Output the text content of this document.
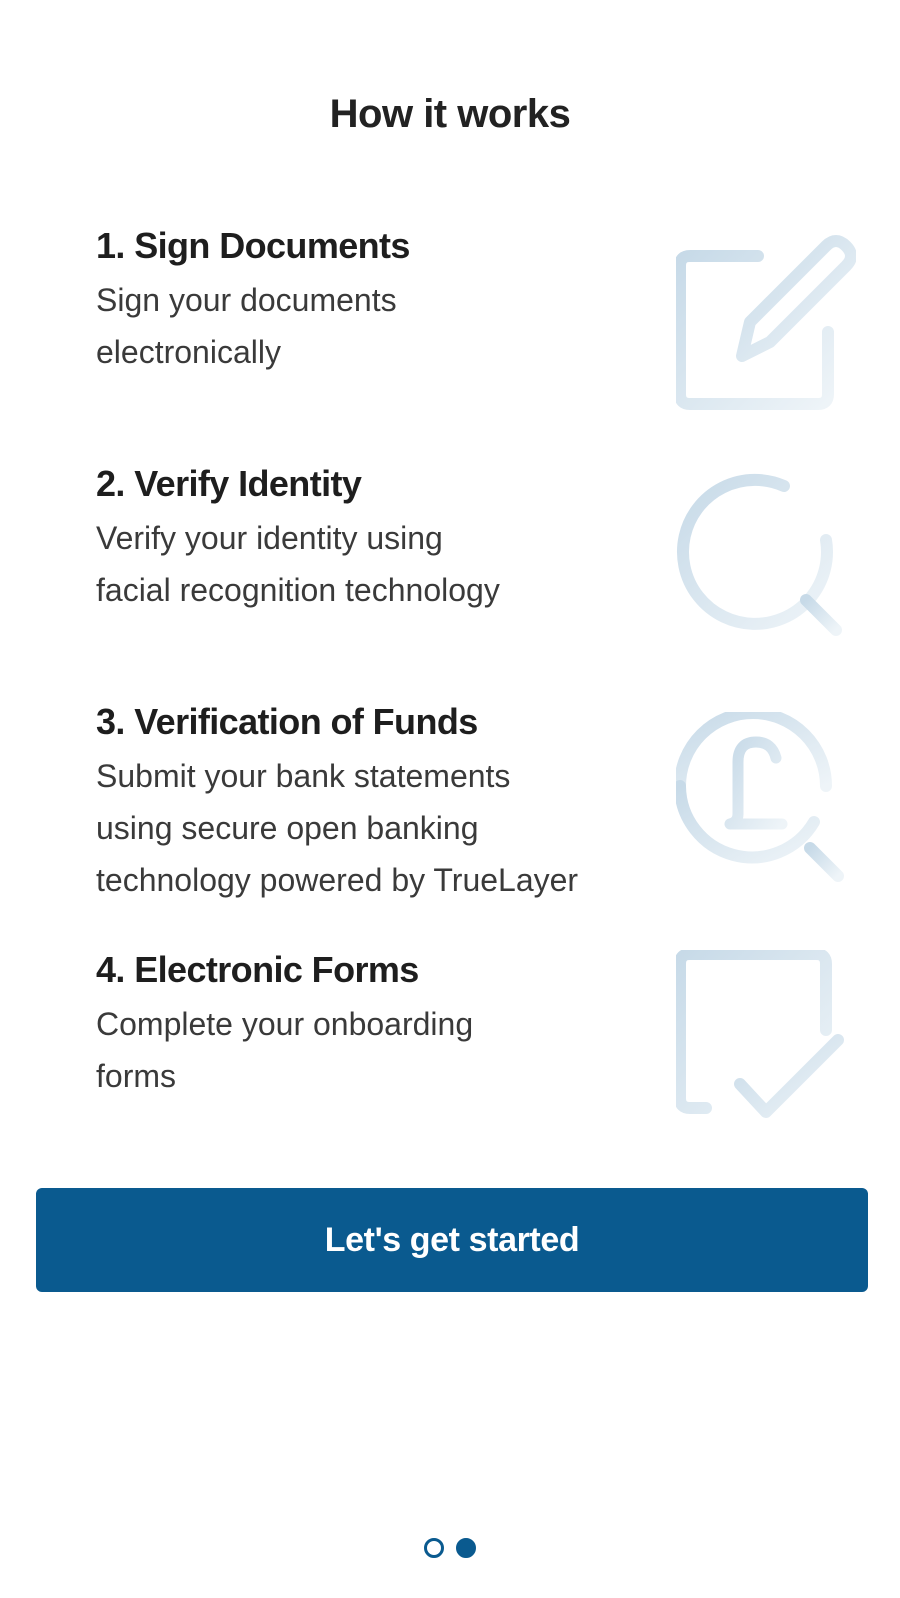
How it works
1. Sign Documents

Sign your documents
electronically

2. Verify Identity

Verify your identity using
facial recognition technology

3. Verification of Funds

Submit your bank statements
using secure open banking
technology powered by TrueLayer

4. Electronic Forms

Complete your onboarding
forms

Let's get started
